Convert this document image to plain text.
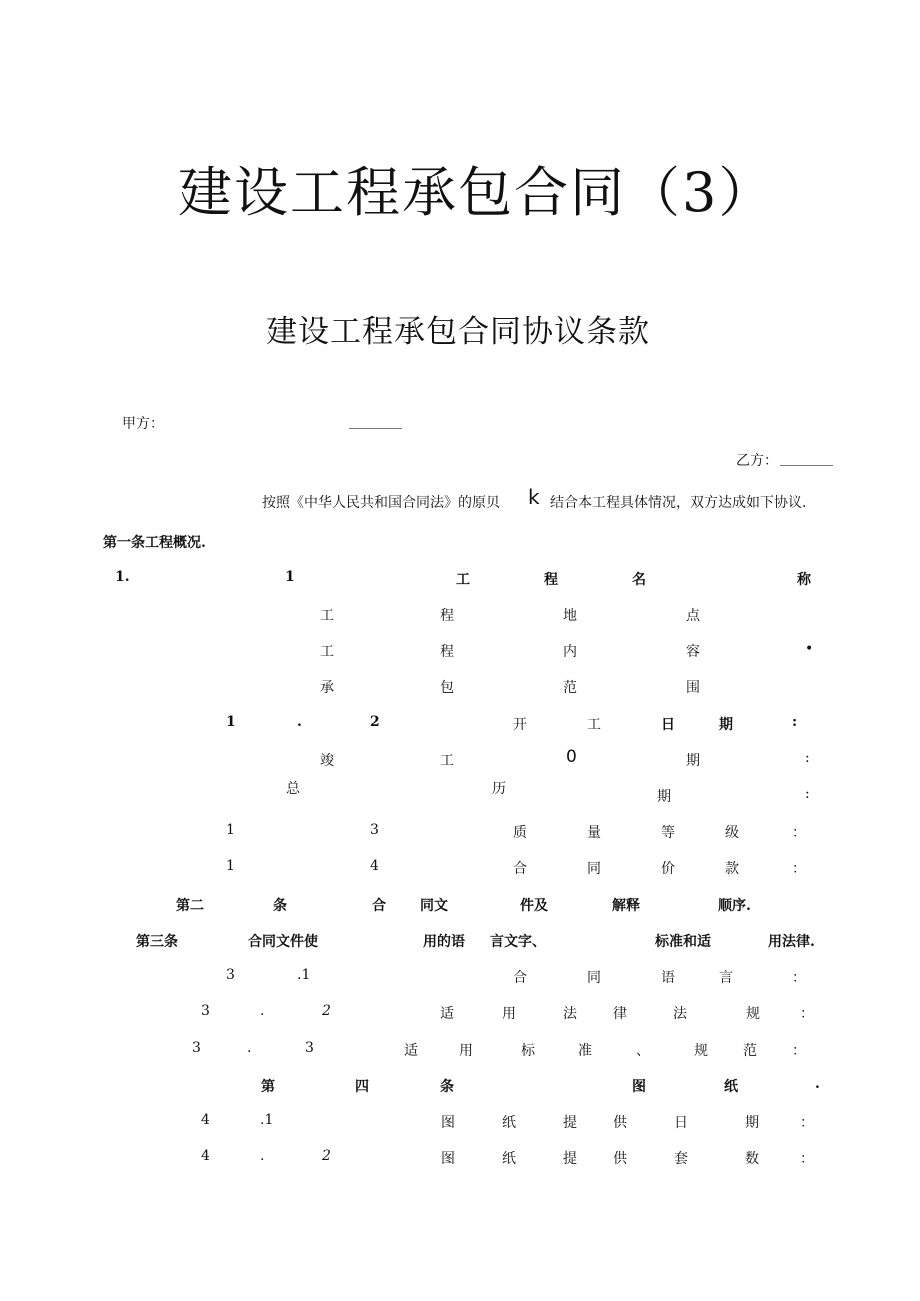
建设工程承包合同（3）
建设工程承包合同协议条款
甲方：
乙方：
按照《中华人民共和国合同法》的原贝 k 结合本工程具体情况，双方达成如下协议.
第一条工程概况.
1.	1	工	程	名	称
工	程	地	点
工	程	内	容	•
承	包	范	围
1	.	2	开	工	日	期	:
竣	工	0	期	:
总	历	期	:
1	3	质	量	等	级	：
1	4	合	同	价	款	：
第二	条	合 同文	件及	解释	顺序.
第三条	合同文件使	用的语 言文字、	标准和适	用法律.
3	.1	合	同	语	言	：
3	.	2	适	用	法	律	法	规	：
3	.	3	适	用	标	准	、	规	范	：
第	四	条	图	纸	.
4	.1	图	纸	提	供	日	期	：
4	.	2	图	纸	提	供	套	数	：
